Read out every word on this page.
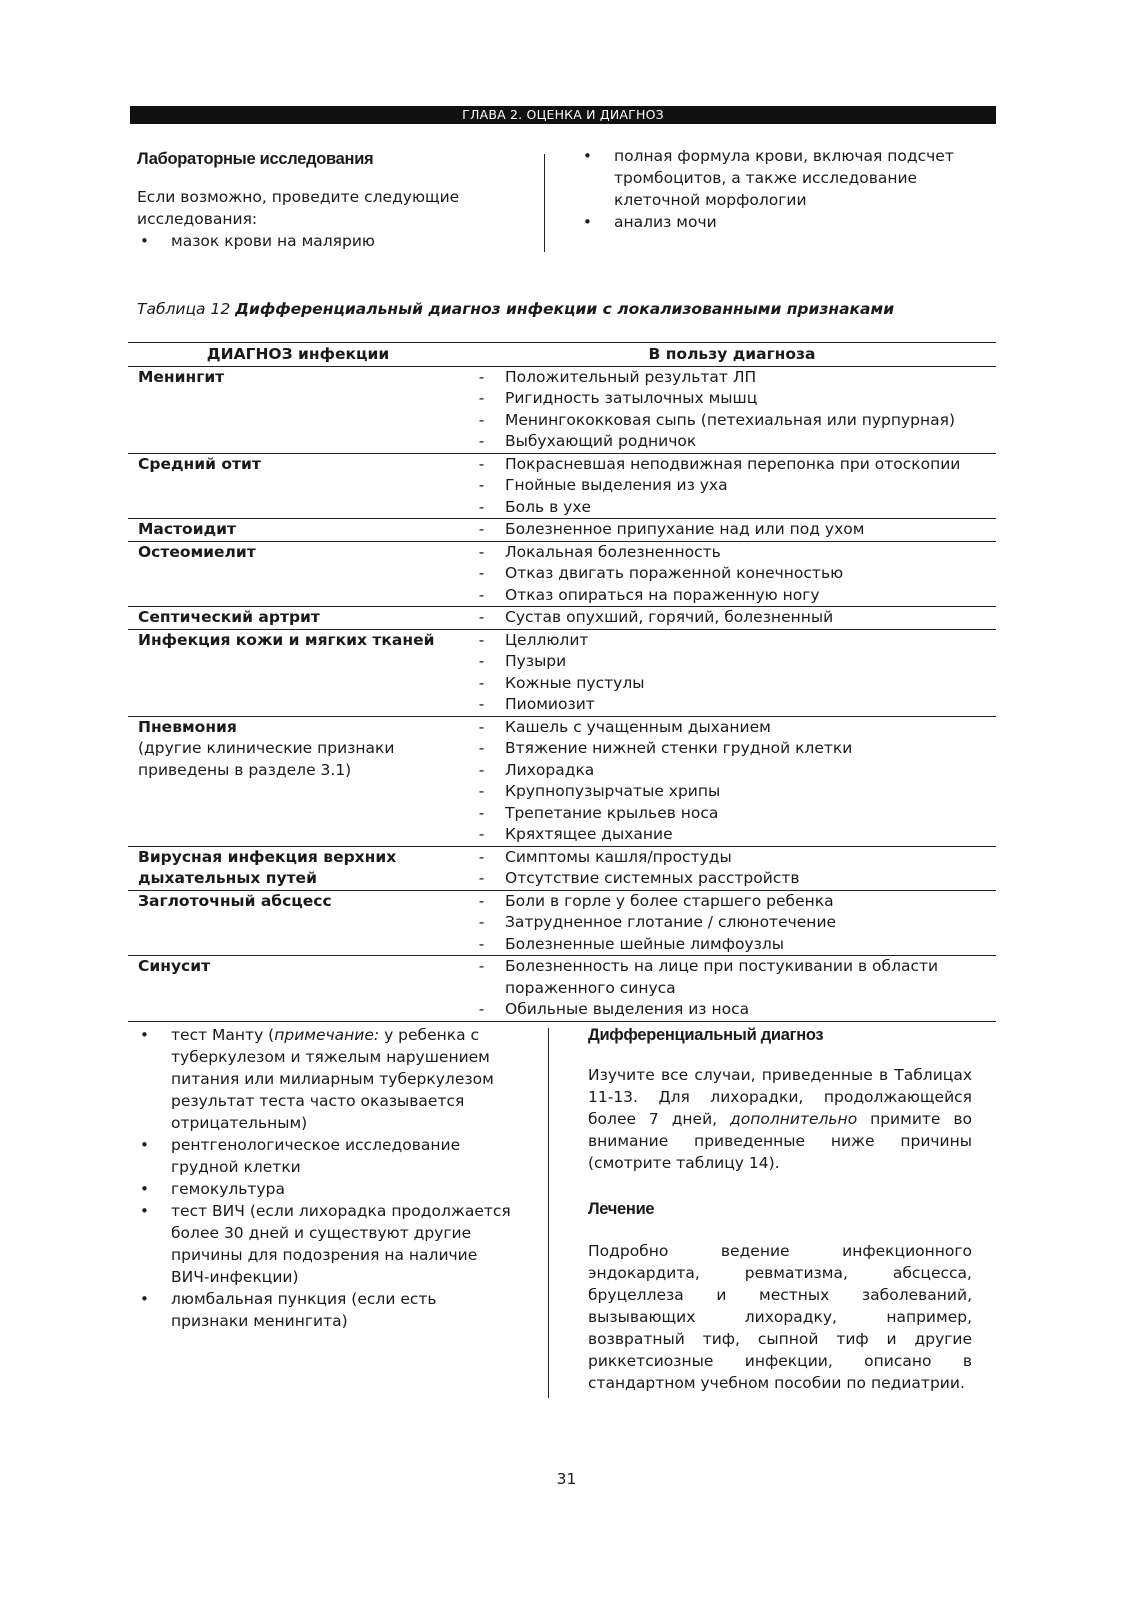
ГЛАВА 2. ОЦЕНКА И ДИАГНОЗ
Лабораторные исследования
Если возможно, проведите следующие исследования:
• мазок крови на малярию
• полная формула крови, включая подсчет тромбоцитов, а также исследование клеточной морфологии
• анализ мочи
Таблица 12 Дифференциальный диагноз инфекции с локализованными признаками
ДИАГНОЗ инфекции	В пользу диагноза	

Менингит	-	Положительный результат ЛП
	-	Ригидность затылочных мышц
	-	Менингококковая сыпь (петехиальная или пурпурная)
	-	Выбухающий родничок

Средний отит	-	Покрасневшая неподвижная перепонка при отоскопии
	-	Гнойные выделения из уха
	-	Боль в ухе

Мастоидит	-	Болезненное припухание над или под ухом

Остеомиелит	-	Локальная болезненность
	-	Отказ двигать пораженной конечностью
	-	Отказ опираться на пораженную ногу

Септический артрит	-	Сустав опухший, горячий, болезненный

Инфекция кожи и мягких тканей	-	Целлюлит
	-	Пузыри
	-	Кожные пустулы
	-	Пиомиозит

Пневмония
(другие клинические признаки приведены в разделе 3.1)	-	Кашель с учащенным дыханием
	-	Втяжение нижней стенки грудной клетки
	-	Лихорадка
	-	Крупнопузырчатые хрипы
	-	Трепетание крыльев носа
	-	Кряхтящее дыхание

Вирусная инфекция верхних дыхательных путей	-	Симптомы кашля/простуды
	-	Отсутствие системных расстройств

Заглоточный абсцесс	-	Боли в горле у более старшего ребенка
	-	Затрудненное глотание / слюнотечение
	-	Болезненные шейные лимфоузлы

Синусит	-	Болезненность на лице при постукивании в области пораженного синуса
	-	Обильные выделения из носа
• тест Манту (примечание: у ребенка с туберкулезом и тяжелым нарушением питания или милиарным туберкулезом результат теста часто оказывается отрицательным)
• рентгенологическое исследование грудной клетки
• гемокультура
• тест ВИЧ (если лихорадка продолжается более 30 дней и существуют другие причины для подозрения на наличие ВИЧ-инфекции)
• люмбальная пункция (если есть признаки менингита)
Дифференциальный диагноз
Изучите все случаи, приведенные в Таблицах 11-13. Для лихорадки, продолжающейся более 7 дней, дополнительно примите во внимание приведенные ниже причины (смотрите таблицу 14).
Лечение
Подробно ведение инфекционного эндокардита, ревматизма, абсцесса, бруцеллеза и местных заболеваний, вызывающих лихорадку, например, возвратный тиф, сыпной тиф и другие риккетсиозные инфекции, описано в стандартном учебном пособии по педиатрии.
31
